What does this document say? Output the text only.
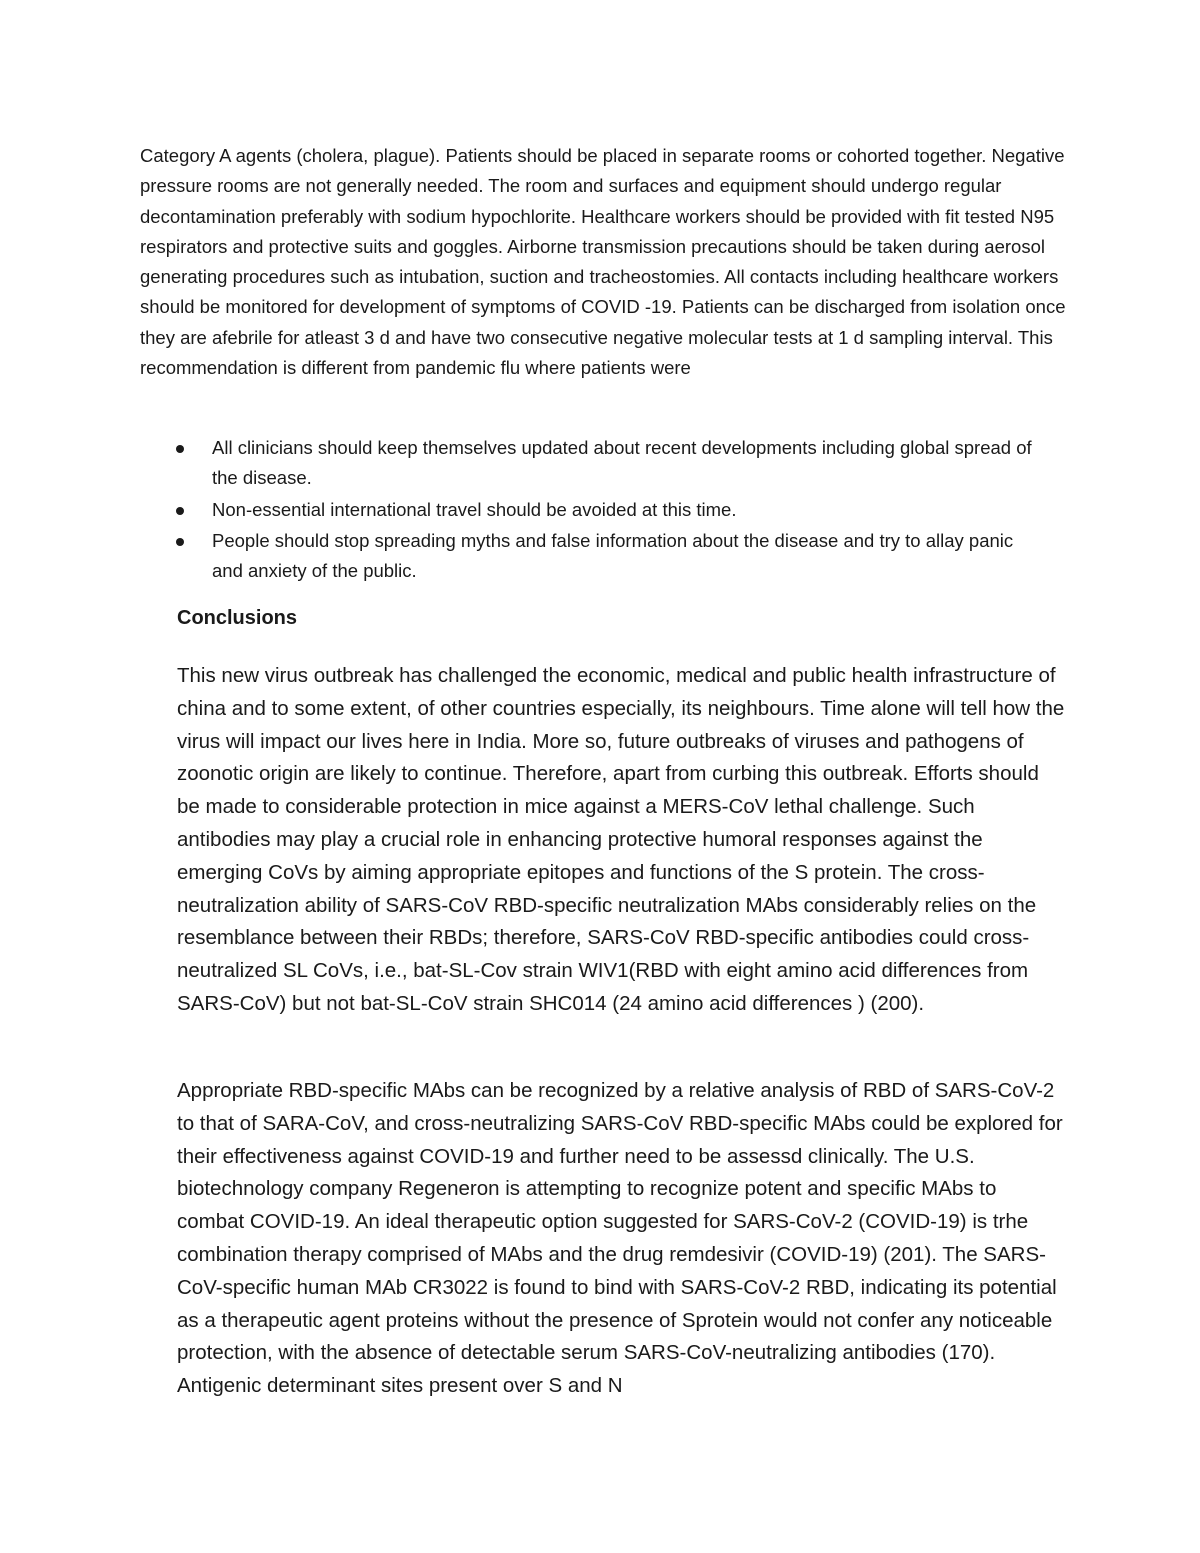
Category A agents (cholera, plague). Patients should be placed in separate rooms or cohorted together. Negative pressure rooms are not generally needed. The room and surfaces and equipment should undergo regular decontamination preferably with sodium hypochlorite. Healthcare workers should be provided with fit tested N95 respirators and protective suits and goggles. Airborne transmission precautions should be taken during aerosol generating procedures such as intubation, suction and tracheostomies. All contacts including healthcare workers should be monitored for development of symptoms of COVID -19. Patients can be discharged from isolation once they are afebrile for atleast 3 d and have two consecutive negative molecular tests at 1 d sampling interval. This recommendation is different from pandemic flu where patients were

All clinicians should keep themselves updated about recent developments including global spread of the disease.
Non-essential international travel should be avoided at this time.
People should stop spreading myths and false information about the disease and try to allay panic and anxiety of the public.
Conclusions

This new virus outbreak has challenged the economic, medical and public health infrastructure of china and to some extent, of other countries especially, its neighbours. Time alone will tell how the virus will impact our lives here in India. More so, future outbreaks of viruses and pathogens of zoonotic origin are likely to continue. Therefore, apart from curbing this outbreak. Efforts should be made to considerable protection in mice against a MERS-CoV lethal challenge. Such antibodies may play a crucial role in enhancing protective humoral responses against the emerging CoVs by aiming appropriate epitopes and functions of the S protein. The cross-neutralization ability of SARS-CoV RBD-specific neutralization MAbs considerably relies on the resemblance between their RBDs; therefore, SARS-CoV RBD-specific antibodies could cross-neutralized SL CoVs, i.e., bat-SL-Cov strain WIV1(RBD with eight amino acid differences from SARS-CoV) but not bat-SL-CoV strain SHC014 (24 amino acid differences ) (200).

Appropriate RBD-specific MAbs can be recognized by a relative analysis of RBD of SARS-CoV-2 to that of SARA-CoV, and cross-neutralizing SARS-CoV RBD-specific MAbs could be explored for their effectiveness against COVID-19 and further need to be assessd clinically. The U.S. biotechnology company Regeneron is attempting to recognize potent and specific MAbs to combat COVID-19. An ideal therapeutic option suggested for SARS-CoV-2 (COVID-19) is trhe combination therapy comprised of MAbs and the drug remdesivir (COVID-19) (201). The SARS-CoV-specific human MAb CR3022 is found to bind with SARS-CoV-2 RBD, indicating its potential as a therapeutic agent proteins without the presence of Sprotein would not confer any noticeable protection, with the absence of detectable serum SARS-CoV-neutralizing antibodies (170). Antigenic determinant sites present over S and N
